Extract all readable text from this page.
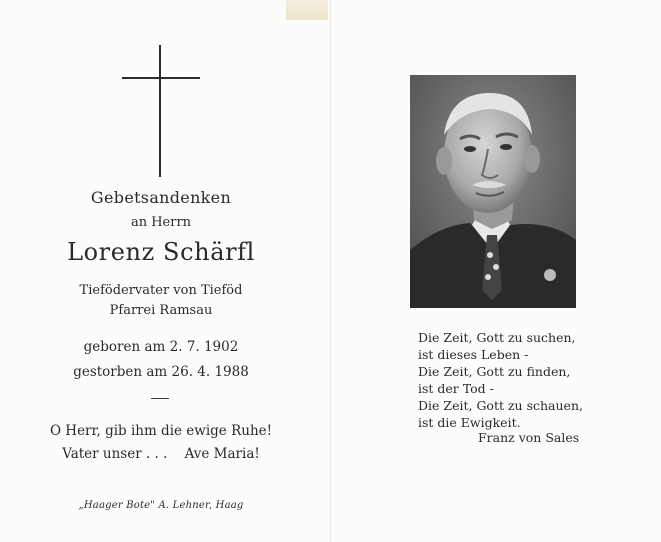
Gebetsandenken
an Herrn
Lorenz Schärfl
Tiefödervater von Tieföd
Pfarrei Ramsau
geboren am 2. 7. 1902
gestorben am 26. 4. 1988
O Herr, gib ihm die ewige Ruhe!
Vater unser . . .    Ave Maria!
„Haager Bote" A. Lehner, Haag
Die Zeit, Gott zu suchen,
ist dieses Leben -
Die Zeit, Gott zu finden,
ist der Tod -
Die Zeit, Gott zu schauen,
ist die Ewigkeit.
Franz von Sales
